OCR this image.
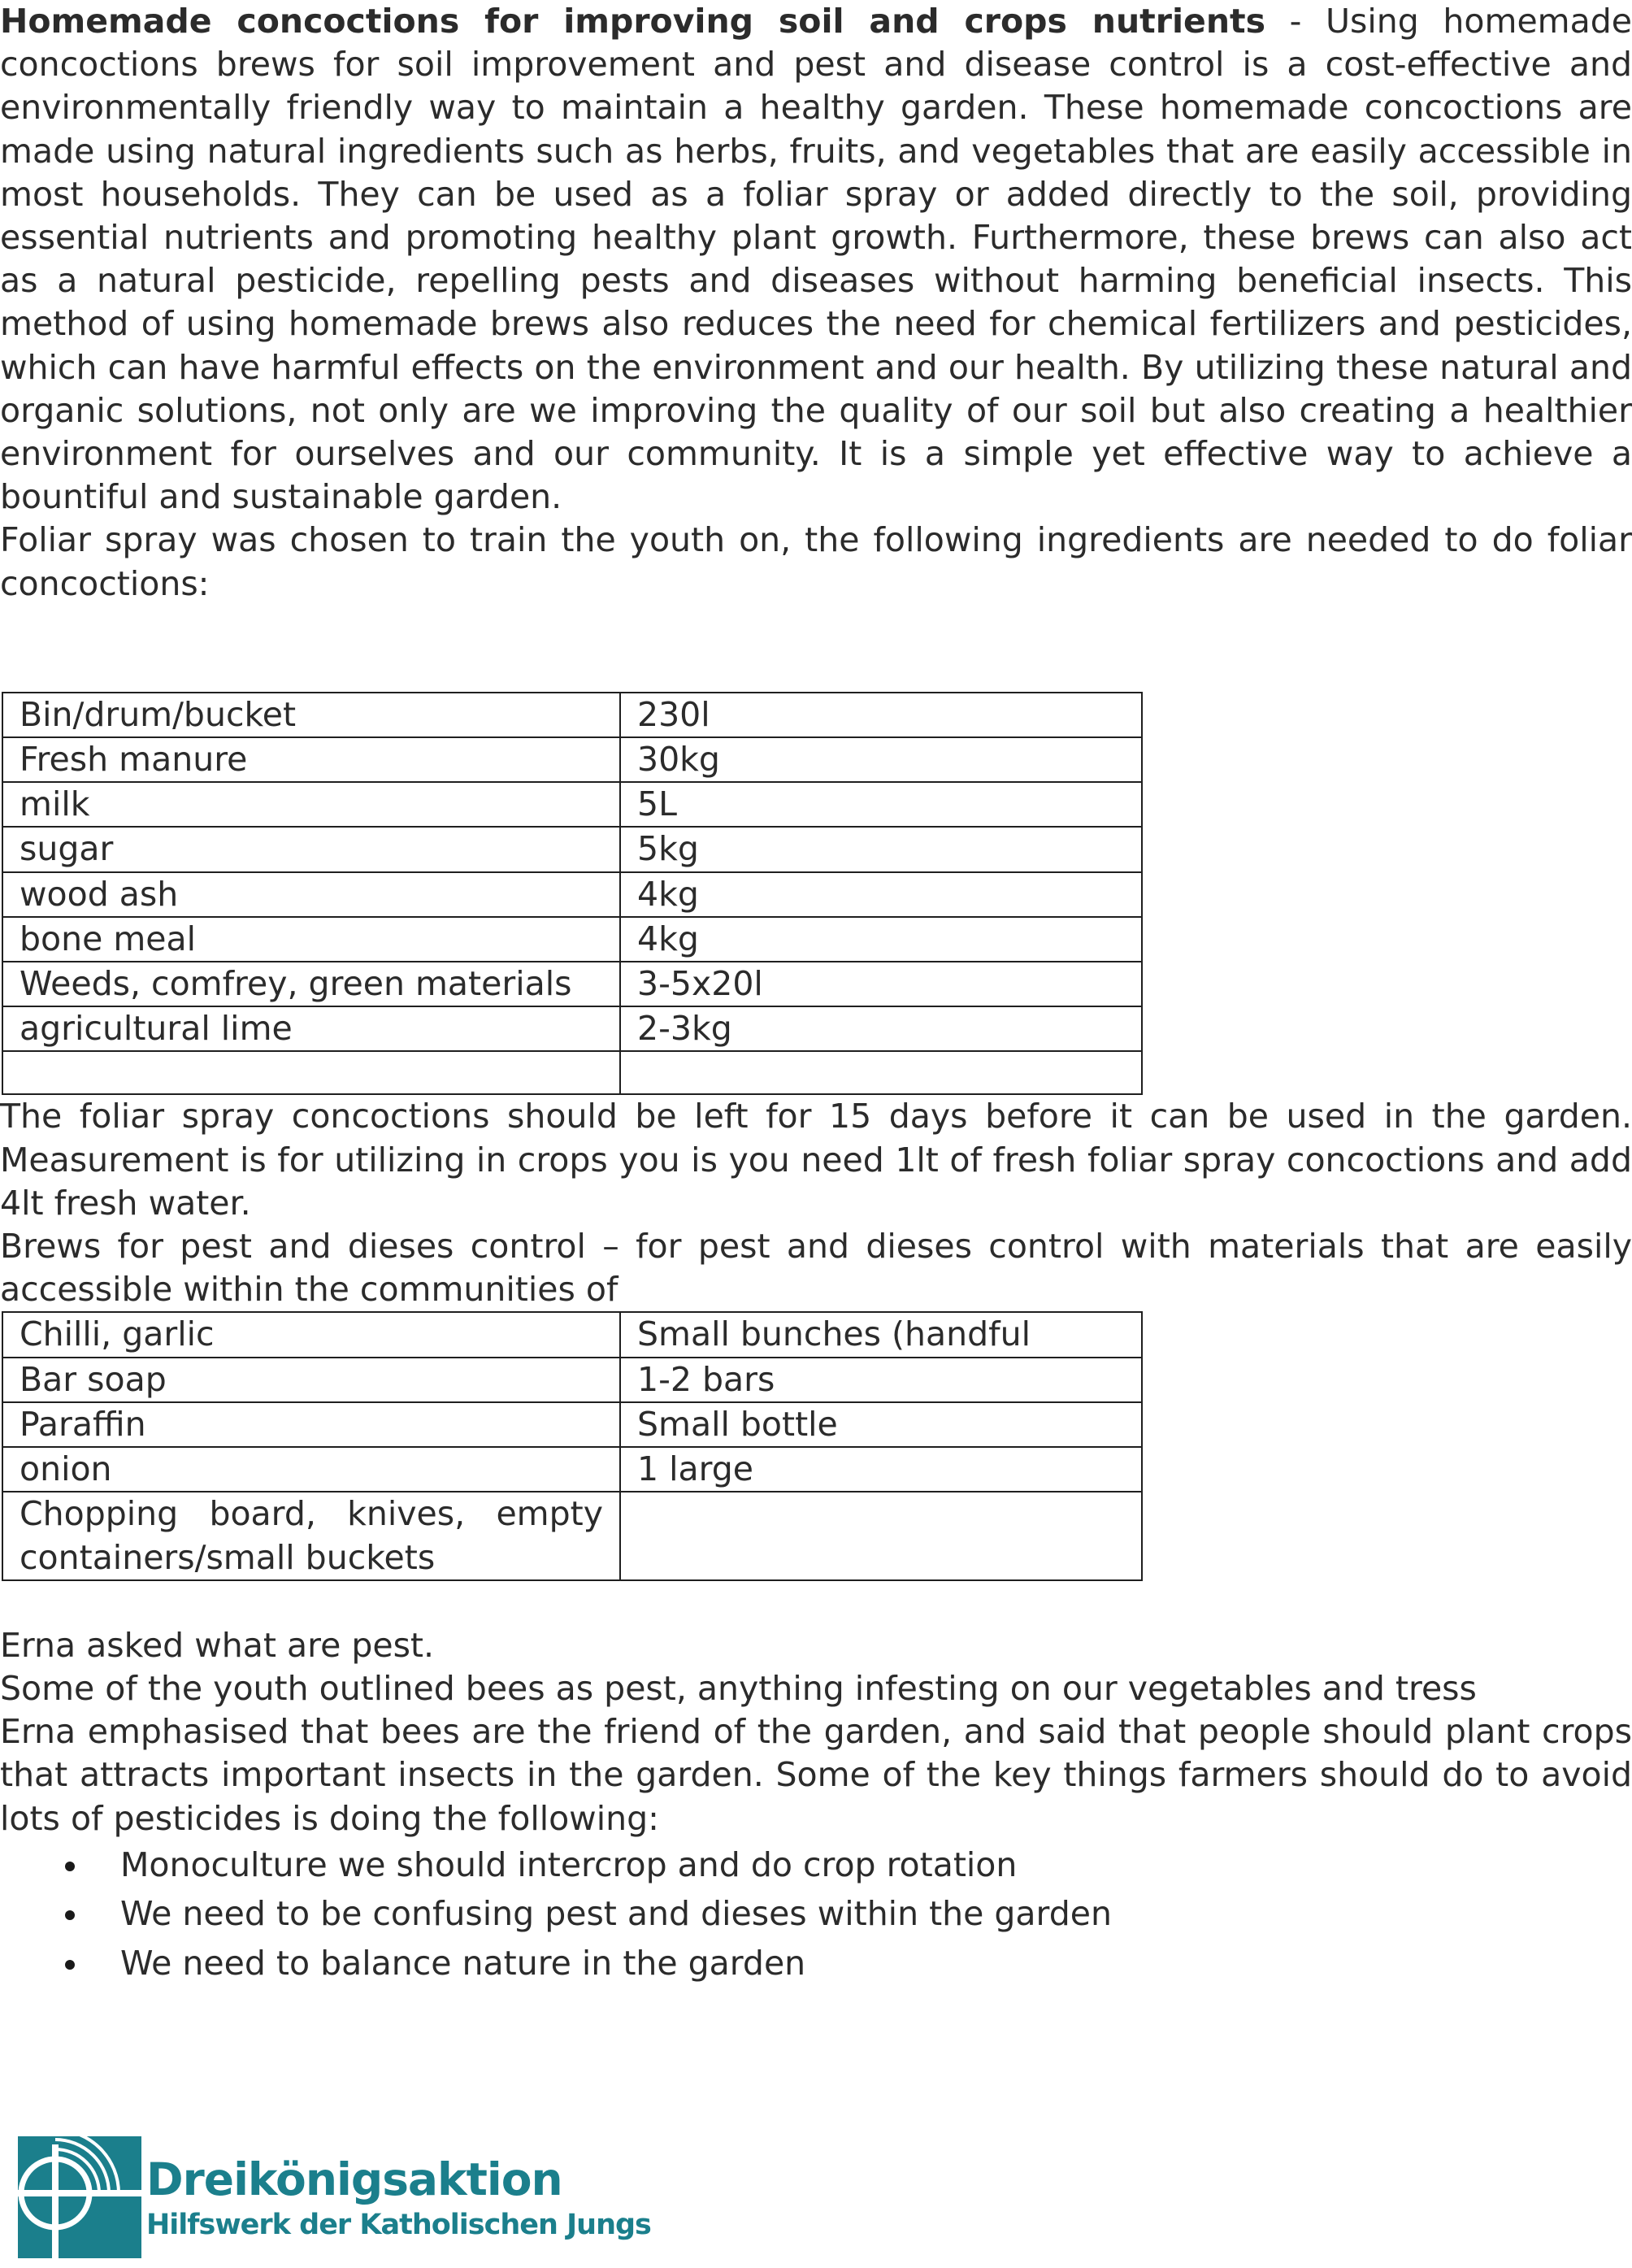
Homemade concoctions for improving soil and crops nutrients - Using homemade concoctions brews for soil improvement and pest and disease control is a cost-effective and environmentally friendly way to maintain a healthy garden. These homemade concoctions are made using natural ingredients such as herbs, fruits, and vegetables that are easily accessible in most households. They can be used as a foliar spray or added directly to the soil, providing essential nutrients and promoting healthy plant growth. Furthermore, these brews can also act as a natural pesticide, repelling pests and diseases without harming beneficial insects. This method of using homemade brews also reduces the need for chemical fertilizers and pesticides, which can have harmful effects on the environment and our health. By utilizing these natural and organic solutions, not only are we improving the quality of our soil but also creating a healthier environment for ourselves and our community. It is a simple yet effective way to achieve a bountiful and sustainable garden.

Foliar spray was chosen to train the youth on, the following ingredients are needed to do foliar concoctions:

Bin/drum/bucket	230l
Fresh manure	30kg
milk	5L
sugar	5kg
wood ash	4kg
bone meal	4kg
Weeds, comfrey, green materials	3-5x20l
agricultural lime	2-3kg

The foliar spray concoctions should be left for 15 days before it can be used in the garden. Measurement is for utilizing in crops you is you need 1lt of fresh foliar spray concoctions and add 4lt fresh water.

Brews for pest and dieses control – for pest and dieses control with materials that are easily accessible within the communities of

Chilli, garlic	Small bunches (handful
Bar soap	1-2 bars
Paraffin	Small bottle
onion	1 large
Chopping board, knives, empty containers/small buckets	

Erna asked what are pest.

Some of the youth outlined bees as pest, anything infesting on our vegetables and tress

Erna emphasised that bees are the friend of the garden, and said that people should plant crops that attracts important insects in the garden. Some of the key things farmers should do to avoid lots of pesticides is doing the following:

Monoculture we should intercrop and do crop rotation
We need to be confusing pest and dieses within the garden
We need to balance nature in the garden
Dreikönigsaktion
Hilfswerk der Katholischen Jungs
